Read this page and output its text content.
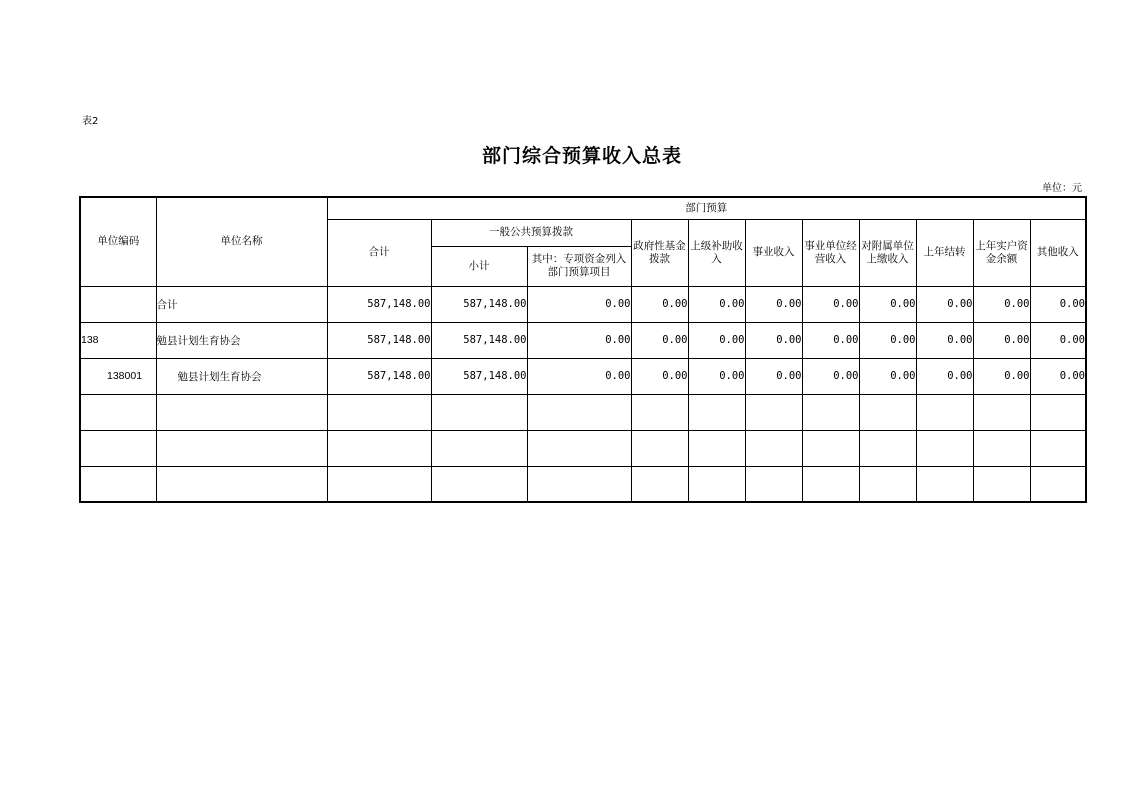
表2
部门综合预算收入总表
单位：元
单位编码	单位名称	部门预算										
		合计	一般公共预算拨款		政府性基金拨款	上级补助收入	事业收入	事业单位经营收入	对附属单位上缴收入	上年结转	上年实户资金余额	其他收入
			小计	其中：专项资金列入部门预算项目								
	合计	587,148.00	587,148.00	0.00	0.00	0.00	0.00	0.00	0.00	0.00	0.00	0.00
138	勉县计划生育协会	587,148.00	587,148.00	0.00	0.00	0.00	0.00	0.00	0.00	0.00	0.00	0.00
138001	勉县计划生育协会	587,148.00	587,148.00	0.00	0.00	0.00	0.00	0.00	0.00	0.00	0.00	0.00
